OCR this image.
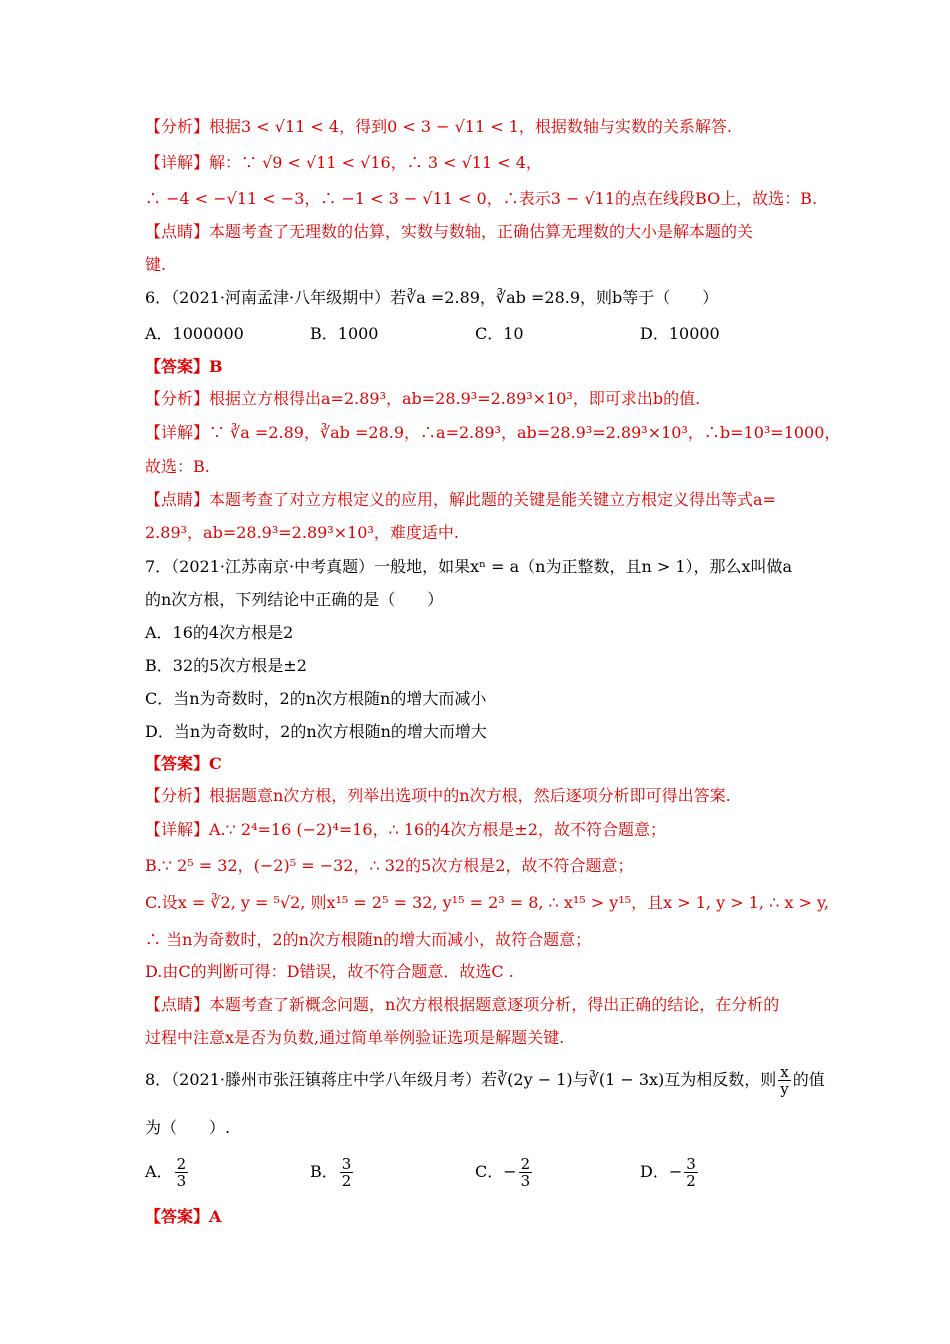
【分析】根据3 < √11 < 4，得到0 < 3 − √11 < 1，根据数轴与实数的关系解答.
【详解】解：∵ √9 < √11 < √16，∴ 3 < √11 < 4，
∴ −4 < −√11 < −3，∴ −1 < 3 − √11 < 0，∴表示3 − √11的点在线段BO上，故选：B.
【点睛】本题考查了无理数的估算，实数与数轴，正确估算无理数的大小是解本题的关
键.
6．（2021·河南孟津·八年级期中）若∛a =2.89，∛ab =28.9，则b等于（　　）
A．1000000	B．1000	C．10	D．10000
【答案】B
【分析】根据立方根得出a=2.89³，ab=28.9³=2.89³×10³，即可求出b的值.
【详解】∵ ∛a =2.89，∛ab =28.9，∴a=2.89³，ab=28.9³=2.89³×10³，∴b=10³=1000，
故选：B.
【点睛】本题考查了对立方根定义的应用，解此题的关键是能关键立方根定义得出等式a=
2.89³，ab=28.9³=2.89³×10³，难度适中.
7．（2021·江苏南京·中考真题）一般地，如果xⁿ = a（n为正整数，且n > 1），那么x叫做a
的n次方根，下列结论中正确的是（　　）
A．16的4次方根是2
B．32的5次方根是±2
C．当n为奇数时，2的n次方根随n的增大而减小
D．当n为奇数时，2的n次方根随n的增大而增大
【答案】C
【分析】根据题意n次方根，列举出选项中的n次方根，然后逐项分析即可得出答案.
【详解】A.∵ 2⁴=16 (−2)⁴=16，∴ 16的4次方根是±2，故不符合题意；
B.∵ 2⁵ = 32，(−2)⁵ = −32，∴ 32的5次方根是2，故不符合题意；
C.设x = ∛2, y = ⁵√2, 则x¹⁵ = 2⁵ = 32, y¹⁵ = 2³ = 8, ∴ x¹⁵ > y¹⁵，且x > 1, y > 1, ∴ x > y,
∴ 当n为奇数时，2的n次方根随n的增大而减小，故符合题意；
D.由C的判断可得：D错误，故不符合题意．故选C .
【点睛】本题考查了新概念问题，n次方根根据题意逐项分析，得出正确的结论，在分析的
过程中注意x是否为负数,通过简单举例验证选项是解题关键.
8．（2021·滕州市张汪镇蒋庄中学八年级月考）若∛(2y − 1)与∛(1 − 3x)互为相反数，则 $\frac{x}{y}$ 的值
为（　　）.
A． $\frac{2}{3}$	B． $\frac{3}{2}$	C．− $\frac{2}{3}$	D．− $\frac{3}{2}$
【答案】A
